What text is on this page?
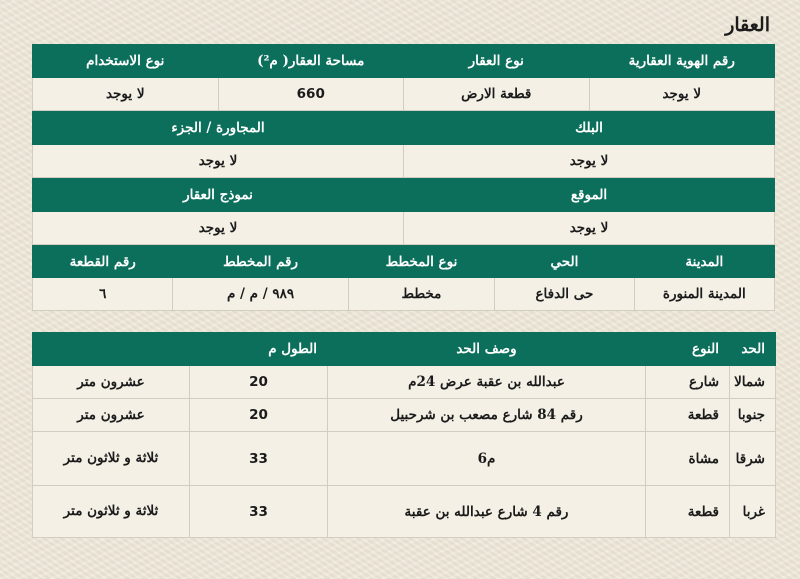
العقار
رقم الهوية العقارية	نوع العقار	مساحة العقار( م²)	نوع الاستخدام
لا يوجد	قطعة الارض	660	لا يوجد
البلك	المجاورة / الجزء
لا يوجد	لا يوجد
الموقع	نموذج العقار
لا يوجد	لا يوجد
المدينة	الحي	نوع المخطط	رقم المخطط	رقم القطعة
المدينة المنورة	حى الدفاع	مخطط	٩٨٩ / م / م	٦
الحد	النوع	وصف الحد	الطول م	
شمالا	شارع	عبدالله بن عقبة عرض 24م	20	عشرون متر
جنوبا	قطعة	رقم 84 شارع مصعب بن شرحبيل	20	عشرون متر
شرقا	مشاة	م6	33	ثلاثة و ثلاثون متر
غربا	قطعة	رقم 4 شارع عبدالله بن عقبة	33	ثلاثة و ثلاثون متر
